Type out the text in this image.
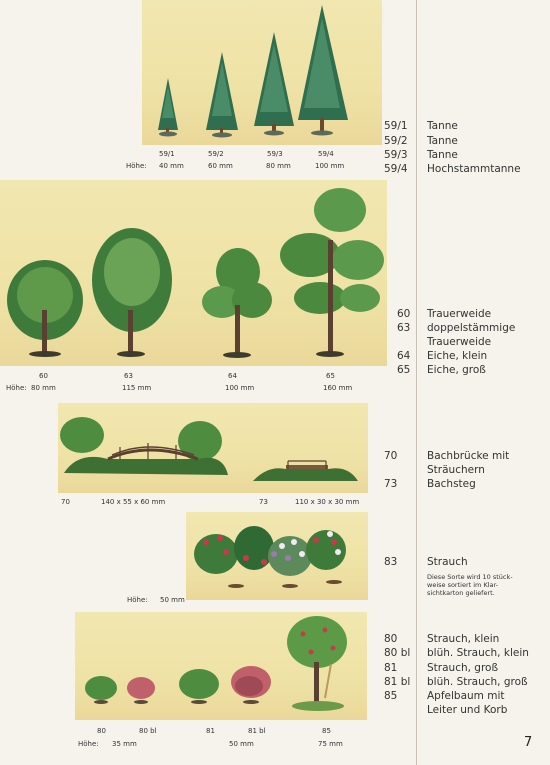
59/1	59/2	59/3	59/4
Höhe: 40 mm	60 mm	80 mm	100 mm
59/1 Tanne
59/2 Tanne
59/3 Tanne
59/4 Hochstammtanne
60	63	64	65
Höhe: 80 mm	115 mm	100 mm	160 mm
60 Trauerweide
63 doppelstämmige
Trauerweide
64 Eiche, klein
65 Eiche, groß
70	140 x 55 x 60 mm	73	110 x 30 x 30 mm
70	Bachbrücke mit
Sträuchern
73	Bachsteg
Höhe: 50 mm
83	Strauch
Diese Sorte wird 10 stück-
weise sortiert im Klar-
sichtkarton geliefert.
80	80 bl	81	81 bl	85
Höhe: 35 mm	50 mm	75 mm
80	Strauch, klein
80 bl blüh. Strauch, klein
81	Strauch, groß
81 bl blüh. Strauch, groß
85	Apfelbaum mit
Leiter und Korb
7
